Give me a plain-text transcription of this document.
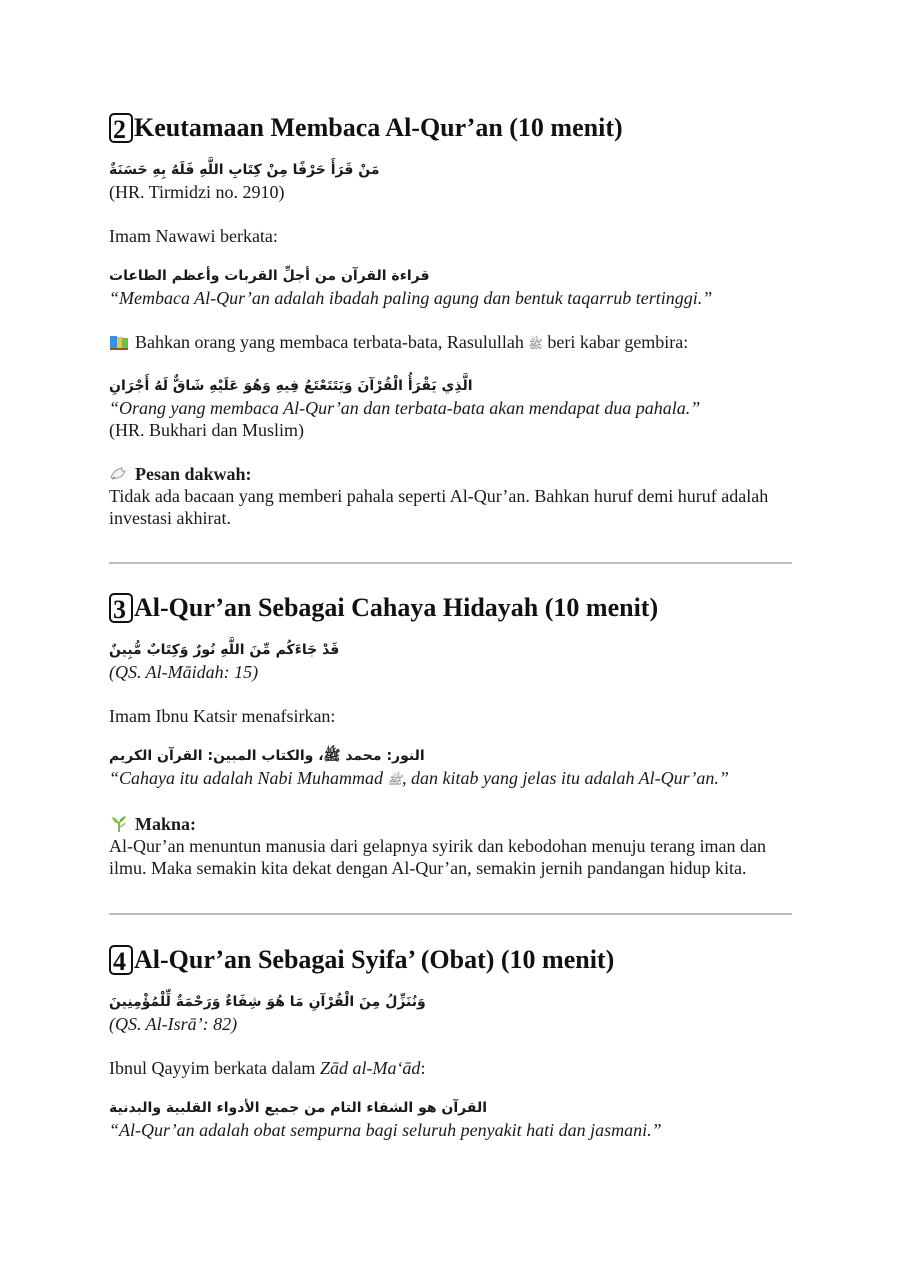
2 Keutamaan Membaca Al-Qur’an (10 menit)
مَنْ قَرَأَ حَرْفًا مِنْ كِتَابِ اللَّهِ فَلَهُ بِهِ حَسَنَةٌ

(HR. Tirmidzi no. 2910)

Imam Nawawi berkata:

قراءة القرآن من أجلِّ القربات وأعظم الطاعات

“Membaca Al-Qur’an adalah ibadah paling agung dan bentuk taqarrub tertinggi.”

Bahkan orang yang membaca terbata-bata, Rasulullah ﷺ beri kabar gembira:

الَّذِي يَقْرَأُ الْقُرْآنَ وَيَتَتَعْتَعُ فِيهِ وَهُوَ عَلَيْهِ شَاقٌّ لَهُ أَجْرَانِ

“Orang yang membaca Al-Qur’an dan terbata-bata akan mendapat dua pahala.”

(HR. Bukhari dan Muslim)

Pesan dakwah:

Tidak ada bacaan yang memberi pahala seperti Al-Qur’an. Bahkan huruf demi huruf adalah investasi akhirat.

3 Al-Qur’an Sebagai Cahaya Hidayah (10 menit)
قَدْ جَاءَكُم مِّنَ اللَّهِ نُورٌ وَكِتَابٌ مُّبِينٌ

(QS. Al-Māidah: 15)

Imam Ibnu Katsir menafsirkan:

النور: محمد ﷺ، والكتاب المبين: القرآن الكريم

“Cahaya itu adalah Nabi Muhammad ﷺ, dan kitab yang jelas itu adalah Al-Qur’an.”

Makna:

Al-Qur’an menuntun manusia dari gelapnya syirik dan kebodohan menuju terang iman dan ilmu. Maka semakin kita dekat dengan Al-Qur’an, semakin jernih pandangan hidup kita.

4 Al-Qur’an Sebagai Syifa’ (Obat) (10 menit)
وَنُنَزِّلُ مِنَ الْقُرْآنِ مَا هُوَ شِفَاءٌ وَرَحْمَةٌ لِّلْمُؤْمِنِينَ

(QS. Al-Isrā’: 82)

Ibnul Qayyim berkata dalam Zād al-Ma‘ād:

القرآن هو الشفاء التام من جميع الأدواء القلبية والبدنية

“Al-Qur’an adalah obat sempurna bagi seluruh penyakit hati dan jasmani.”
